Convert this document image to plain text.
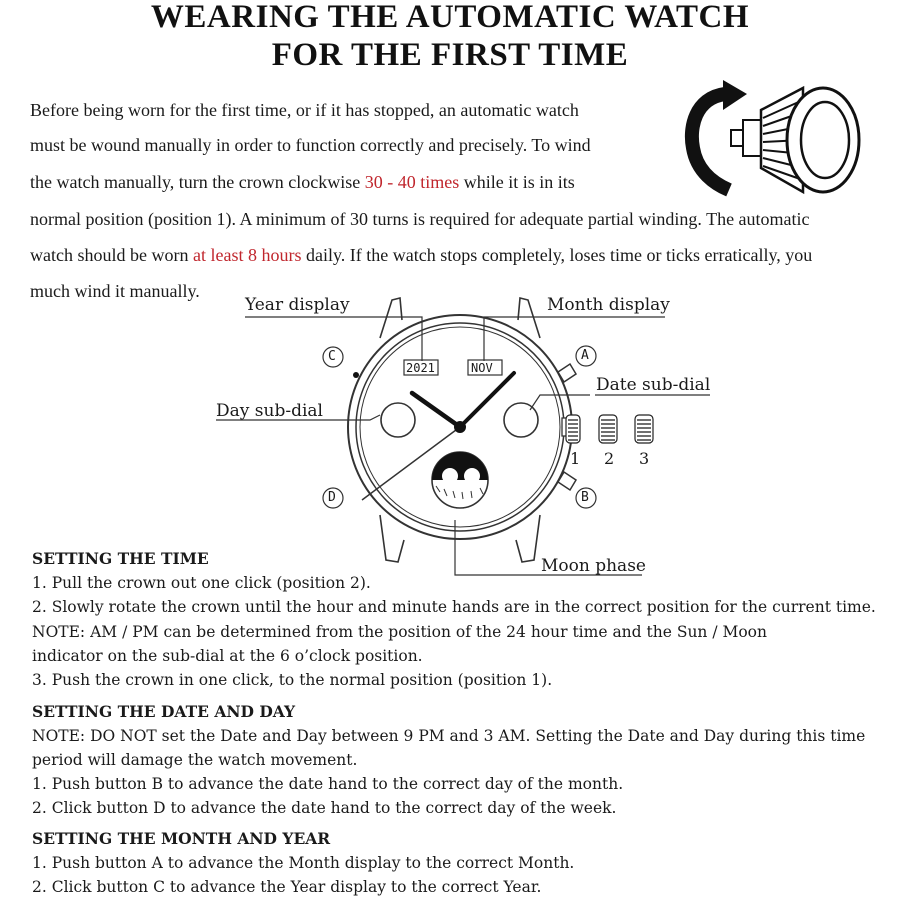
WEARING THE AUTOMATIC WATCH
FOR THE FIRST TIME

Before being worn for the first time, or if it has stopped, an automatic watch

must be wound manually in order to function correctly and precisely. To wind

the watch manually, turn the crown clockwise 30 - 40 times while it is in its

normal position (position 1). A minimum of 30 turns is required for adequate partial winding. The automatic

watch should be worn at least 8 hours daily. If the watch stops completely, loses time or ticks erratically, you

much wind it manually.

2021	NOV
Year display	Month display
Date sub-dial
Day sub-dial
Moon phase
C	A
D	B
1 2 3
SETTING THE TIME

1. Pull the crown out one click (position 2).

2. Slowly rotate the crown until the hour and minute hands are in the correct position for the current time.

NOTE: AM / PM can be determined from the position of the 24 hour time and the Sun / Moon

indicator on the sub-dial at the 6 o’clock position.

3. Push the crown in one click, to the normal position (position 1).

SETTING THE DATE AND DAY

NOTE: DO NOT set the Date and Day between 9 PM and 3 AM. Setting the Date and Day during this time

period will damage the watch movement.

1. Push button B to advance the date hand to the correct day of the month.

2. Click button D to advance the date hand to the correct day of the week.

SETTING THE MONTH AND YEAR

1. Push button A to advance the Month display to the correct Month.

2. Click button C to advance the Year display to the correct Year.
